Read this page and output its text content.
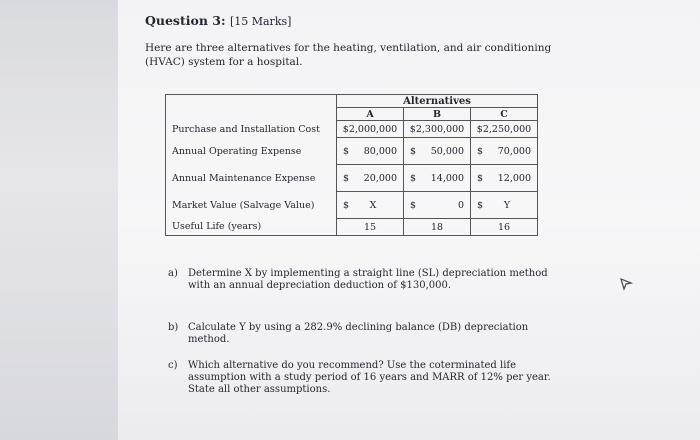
Question 3: [15 Marks]
Here are three alternatives for the heating, ventilation, and air conditioning (HVAC) system for a hospital.
	Alternatives		
	A	B	C
Purchase and Installation Cost	$2,000,000	$2,300,000	$2,250,000
Annual Operating Expense	$ 80,000	$ 50,000	$ 70,000

Annual Maintenance Expense	$ 20,000	$ 14,000	$ 12,000

Market Value (Salvage Value)	$ X	$ 0	$ Y

Useful Life (years)	15	18	16
a) Determine X by implementing a straight line (SL) depreciation method with an annual depreciation deduction of $130,000.
b) Calculate Y by using a 282.9% declining balance (DB) depreciation method.
c) Which alternative do you recommend? Use the coterminated life assumption with a study period of 16 years and MARR of 12% per year. State all other assumptions.
